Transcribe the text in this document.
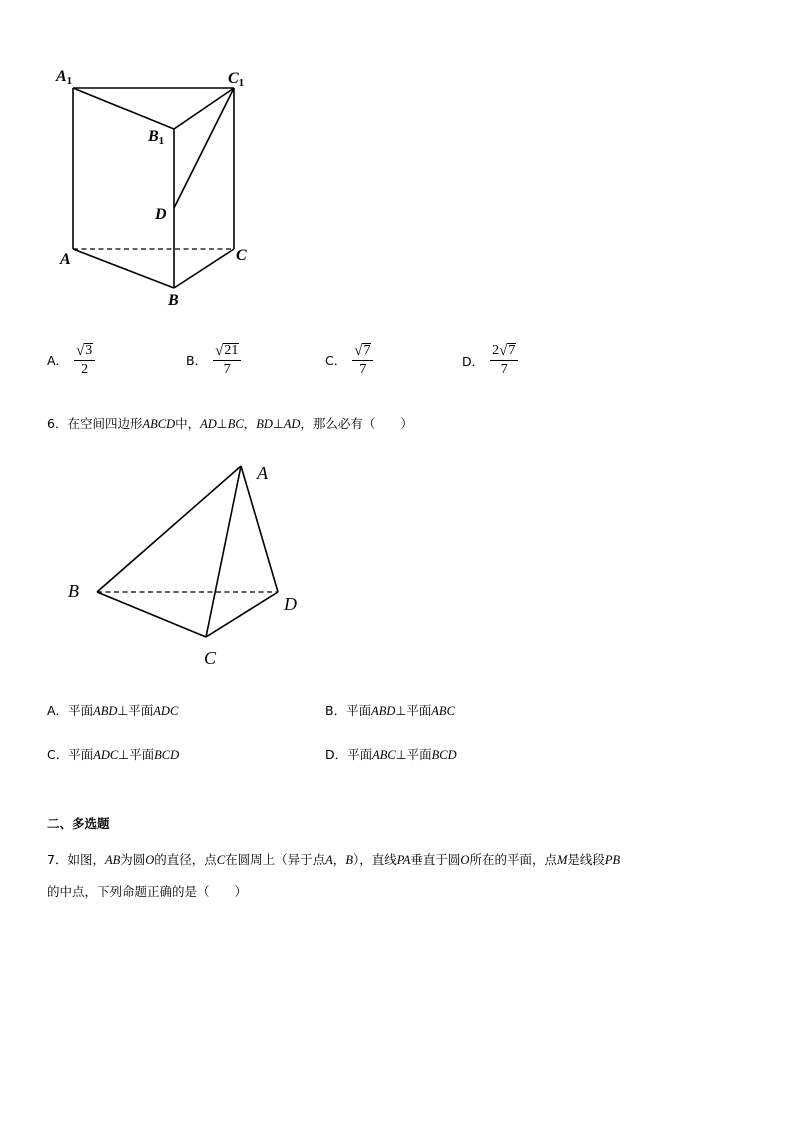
A1	C1
B1
D
A
B
C
A． $\frac{√ 3}{2}$	B． $\frac{√ 21}{7}$	C． $\frac{√ 7}{7}$	D． $\frac{2 √ 7}{7}$
6．在空间四边形ABCD中，AD⊥BC，BD⊥AD，那么必有（　　）
A
B
C
D
A．平面ABD⊥平面ADC	B．平面ABD⊥平面ABC
C．平面ADC⊥平面BCD	D．平面ABC⊥平面BCD
二、多选题
7．如图，AB为圆O的直径，点C在圆周上（异于点A，B），直线PA垂直于圆O所在的平面，点M是线段PB
的中点，下列命题正确的是（　　）
